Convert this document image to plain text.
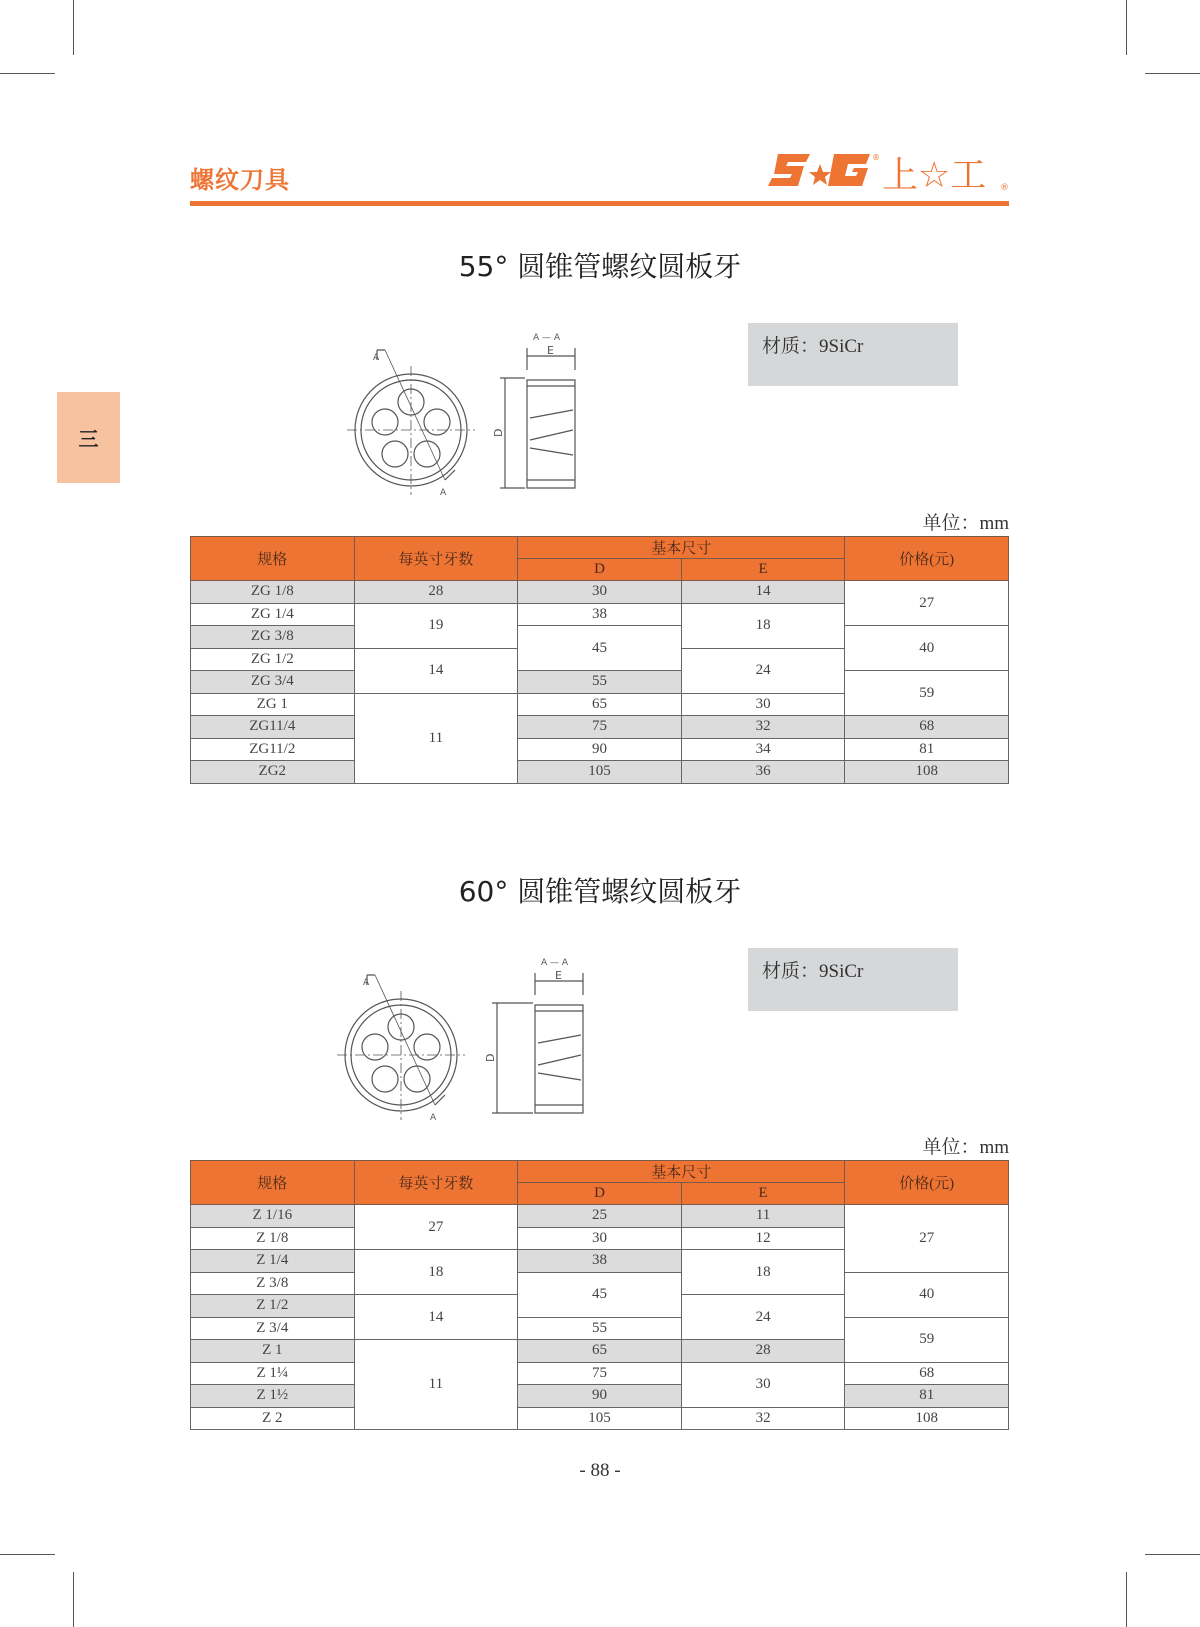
螺纹刀具
® 上☆工 ®
三
55° 圆锥管螺纹圆板牙
材质：9SiCr
A
A
A — A
E
D
单位：mm
规格	每英寸牙数	基本尺寸		价格(元)
		D	E	
ZG 1/8	28	30	14	27
ZG 1/4	19	38	18	
ZG 3/8		45		40
ZG 1/2	14		24	
ZG 3/4		55		59
ZG 1	11	65	30	
ZG11/4		75	32	68
ZG11/2		90	34	81
ZG2		105	36	108
60° 圆锥管螺纹圆板牙
材质：9SiCr
A
A
A — A
E
D
单位：mm
规格	每英寸牙数	基本尺寸		价格(元)
		D	E	
Z 1/16	27	25	11	27
Z 1/8		30	12	
Z 1/4	18	38	18	
Z 3/8		45		40
Z 1/2	14		24	
Z 3/4		55		59
Z 1	11	65	28	
Z 1¼		75	30	68
Z 1½		90		81
Z 2		105	32	108
- 88 -
